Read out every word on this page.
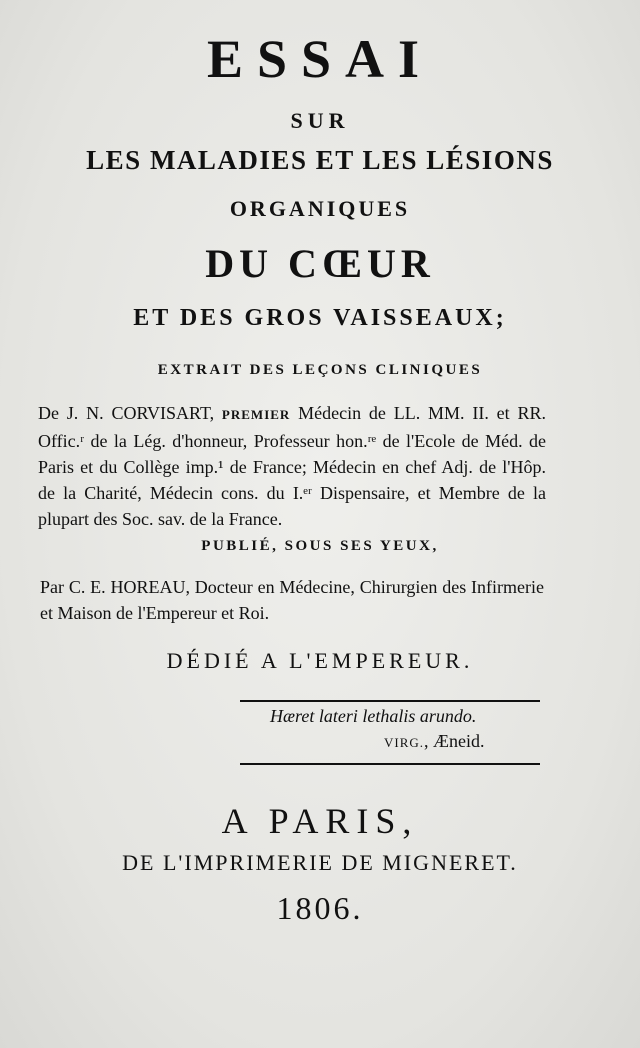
ESSAI
SUR
LES MALADIES ET LES LÉSIONS
ORGANIQUES
DU CŒUR
ET DES GROS VAISSEAUX;
EXTRAIT DES LEÇONS CLINIQUES
De J. N. CORVISART, PREMIER Médecin de LL. MM. II. et RR. Offic.ʳ de la Lég. d'honneur, Professeur hon.ʳᵉ de l'Ecole de Méd. de Paris et du Collège imp.¹ de France; Médecin en chef Adj. de l'Hôp. de la Charité, Médecin cons. du I.ᵉʳ Dispensaire, et Membre de la plupart des Soc. sav. de la France.
PUBLIÉ, SOUS SES YEUX,
Par C. E. HOREAU, Docteur en Médecine, Chirurgien des Infirmerie et Maison de l'Empereur et Roi.
DÉDIÉ A L'EMPEREUR.
Hæret lateri lethalis arundo.
VIRG., Æneid.
A PARIS,
DE L'IMPRIMERIE DE MIGNERET.
1806.
